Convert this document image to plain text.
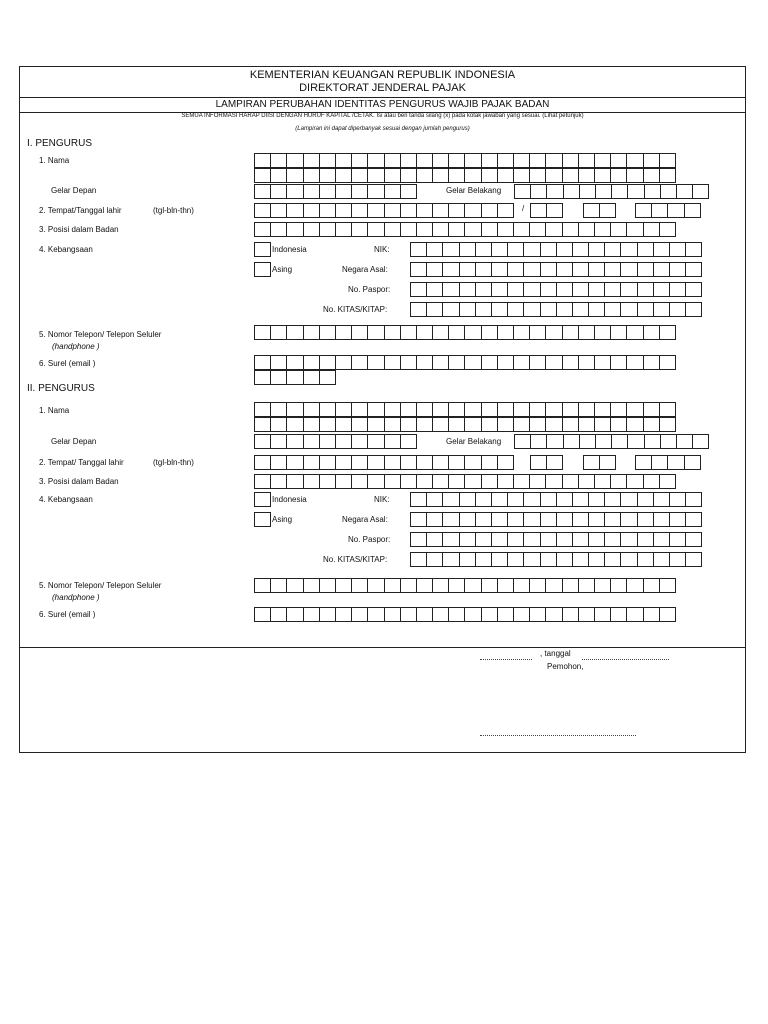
KEMENTERIAN KEUANGAN REPUBLIK INDONESIA
DIREKTORAT JENDERAL PAJAK
LAMPIRAN PERUBAHAN IDENTITAS PENGURUS WAJIB PAJAK BADAN
SEMUA INFORMASI HARAP DIISI DENGAN HURUF KAPITAL /CETAK. Isi atau beri tanda silang (x) pada kotak jawaban yang sesuai. (Lihat petunjuk)
(Lampiran ini dapat diperbanyak sesuai dengan jumlah pengurus)
I. PENGURUS
1. Nama
Gelar Depan	Gelar Belakang
2. Tempat/Tanggal lahir	(tgl-bln-thn)	/
3. Posisi dalam Badan
4. Kebangsaan	Indonesia	NIK:
Asing	Negara Asal:
No. Paspor:
No. KITAS/KITAP:
5. Nomor Telepon/ Telepon Seluler
(handphone )
6. Surel (email )
II. PENGURUS
1. Nama
Gelar Depan	Gelar Belakang
2. Tempat/ Tanggal lahir	(tgl-bln-thn)
3. Posisi dalam Badan
4. Kebangsaan	Indonesia	NIK:
Asing	Negara Asal:
No. Paspor:
No. KITAS/KITAP:
5. Nomor Telepon/ Telepon Seluler
(handphone )
6. Surel (email )
, tanggal
Pemohon,
